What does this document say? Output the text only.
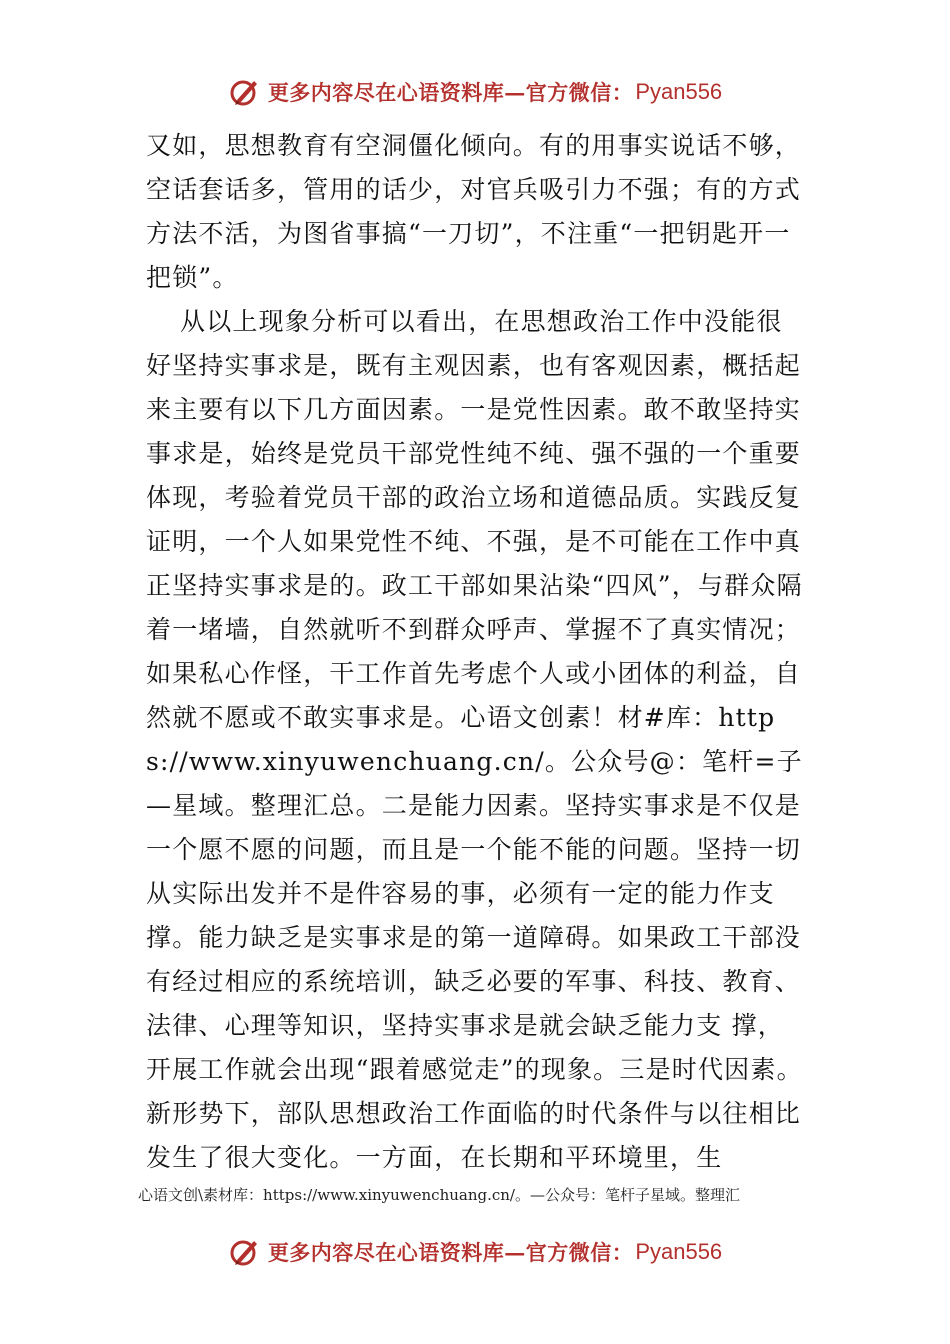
更多内容尽在心语资料库—官方微信： Pyan556

又如，思想教育有空洞僵化倾向。有的用事实说话不够，空话套话多，管用的话少，对官兵吸引力不强；有的方式方法不活，为图省事搞“一刀切”，不注重“一把钥匙开一把锁”。

从以上现象分析可以看出，在思想政治工作中没能很好坚持实事求是，既有主观因素，也有客观因素，概括起来主要有以下几方面因素。一是党性因素。敢不敢坚持实事求是，始终是党员干部党性纯不纯、强不强的一个重要体现，考验着党员干部的政治立场和道德品质。实践反复证明，一个人如果党性不纯、不强，是不可能在工作中真正坚持实事求是的。政工干部如果沾染“四风”，与群众隔着一堵墙，自然就听不到群众呼声、掌握不了真实情况；如果私心作怪，干工作首先考虑个人或小团体的利益，自然就不愿或不敢实事求是。心语文创素！材#库：https://www.xinyuwenchuang.cn/。公众号@：笔杆=子—星域。整理汇总。二是能力因素。坚持实事求是不仅是一个愿不愿的问题，而且是一个能不能的问题。坚持一切从实际出发并不是件容易的事，必须有一定的能力作支撑。能力缺乏是实事求是的第一道障碍。如果政工干部没有经过相应的系统培训，缺乏必要的军事、科技、教育、法律、心理等知识，坚持实事求是就会缺乏能力支 撑，开展工作就会出现“跟着感觉走”的现象。三是时代因素。新形势下，部队思想政治工作面临的时代条件与以往相比发生了很大变化。一方面，在长期和平环境里，生

心语文创\素材库：https://www.xinyuwenchuang.cn/。—公众号：笔杆子星域。整理汇
更多内容尽在心语资料库—官方微信： Pyan556
